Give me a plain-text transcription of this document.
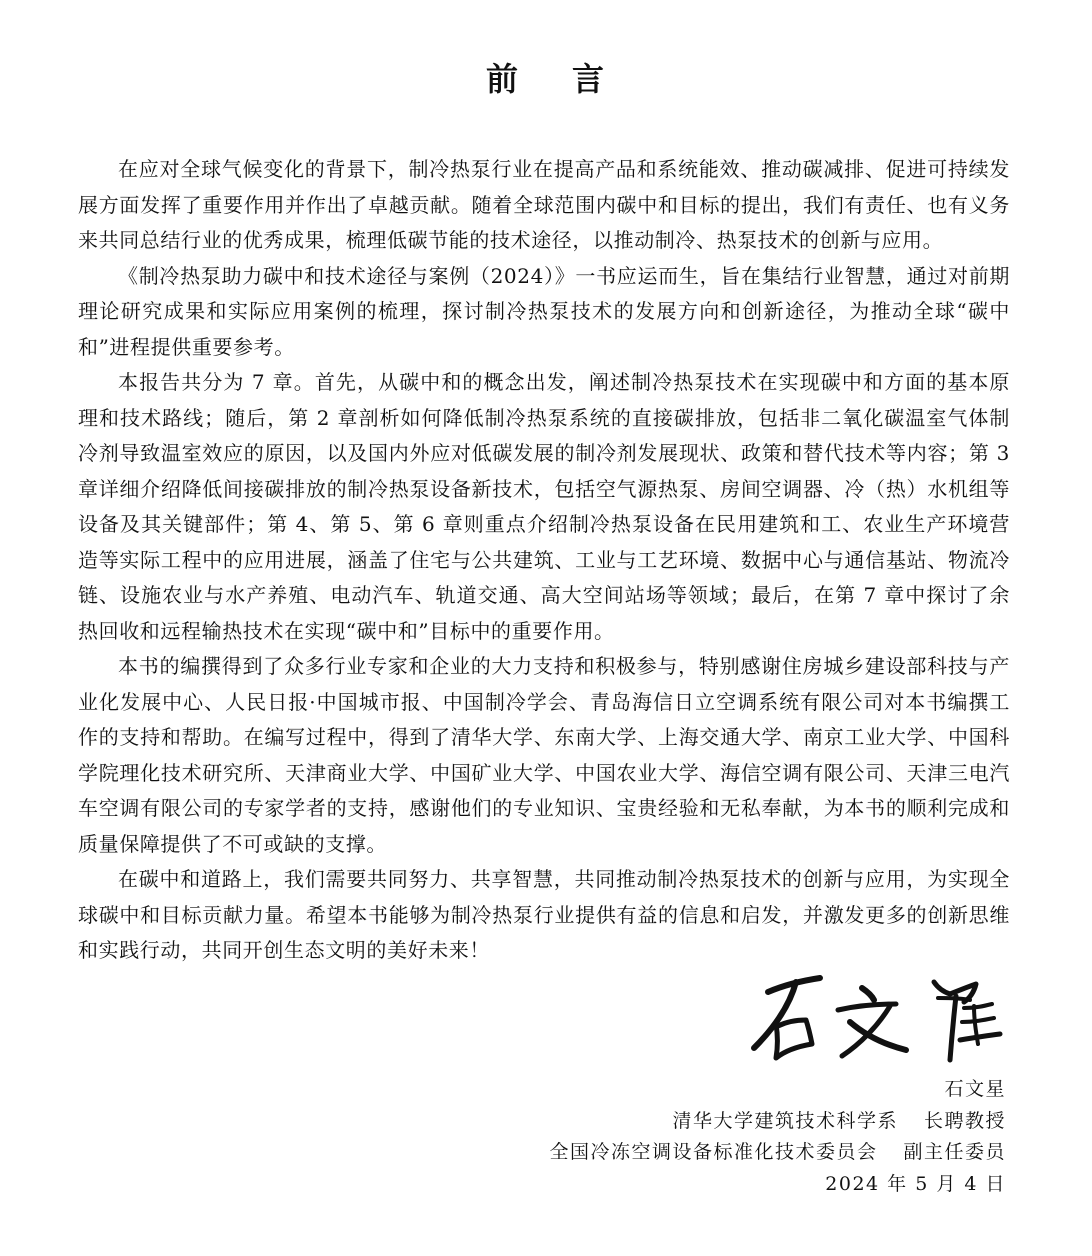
前 言

在应对全球气候变化的背景下，制冷热泵行业在提高产品和系统能效、推动碳减排、促进可持续发展方面发挥了重要作用并作出了卓越贡献。随着全球范围内碳中和目标的提出，我们有责任、也有义务来共同总结行业的优秀成果，梳理低碳节能的技术途径，以推动制冷、热泵技术的创新与应用。

《制冷热泵助力碳中和技术途径与案例（2024）》一书应运而生，旨在集结行业智慧，通过对前期理论研究成果和实际应用案例的梳理，探讨制冷热泵技术的发展方向和创新途径，为推动全球“碳中和”进程提供重要参考。

本报告共分为 7 章。首先，从碳中和的概念出发，阐述制冷热泵技术在实现碳中和方面的基本原理和技术路线；随后，第 2 章剖析如何降低制冷热泵系统的直接碳排放，包括非二氧化碳温室气体制冷剂导致温室效应的原因，以及国内外应对低碳发展的制冷剂发展现状、政策和替代技术等内容；第 3 章详细介绍降低间接碳排放的制冷热泵设备新技术，包括空气源热泵、房间空调器、冷（热）水机组等设备及其关键部件；第 4、第 5、第 6 章则重点介绍制冷热泵设备在民用建筑和工、农业生产环境营造等实际工程中的应用进展，涵盖了住宅与公共建筑、工业与工艺环境、数据中心与通信基站、物流冷链、设施农业与水产养殖、电动汽车、轨道交通、高大空间站场等领域；最后，在第 7 章中探讨了余热回收和远程输热技术在实现“碳中和”目标中的重要作用。

本书的编撰得到了众多行业专家和企业的大力支持和积极参与，特别感谢住房城乡建设部科技与产业化发展中心、人民日报·中国城市报、中国制冷学会、青岛海信日立空调系统有限公司对本书编撰工作的支持和帮助。在编写过程中，得到了清华大学、东南大学、上海交通大学、南京工业大学、中国科学院理化技术研究所、天津商业大学、中国矿业大学、中国农业大学、海信空调有限公司、天津三电汽车空调有限公司的专家学者的支持，感谢他们的专业知识、宝贵经验和无私奉献，为本书的顺利完成和质量保障提供了不可或缺的支撑。

在碳中和道路上，我们需要共同努力、共享智慧，共同推动制冷热泵技术的创新与应用，为实现全球碳中和目标贡献力量。希望本书能够为制冷热泵行业提供有益的信息和启发，并激发更多的创新思维和实践行动，共同开创生态文明的美好未来！

石文星
清华大学建筑技术科学系 长聘教授
全国冷冻空调设备标准化技术委员会 副主任委员
2024 年 5 月 4 日
